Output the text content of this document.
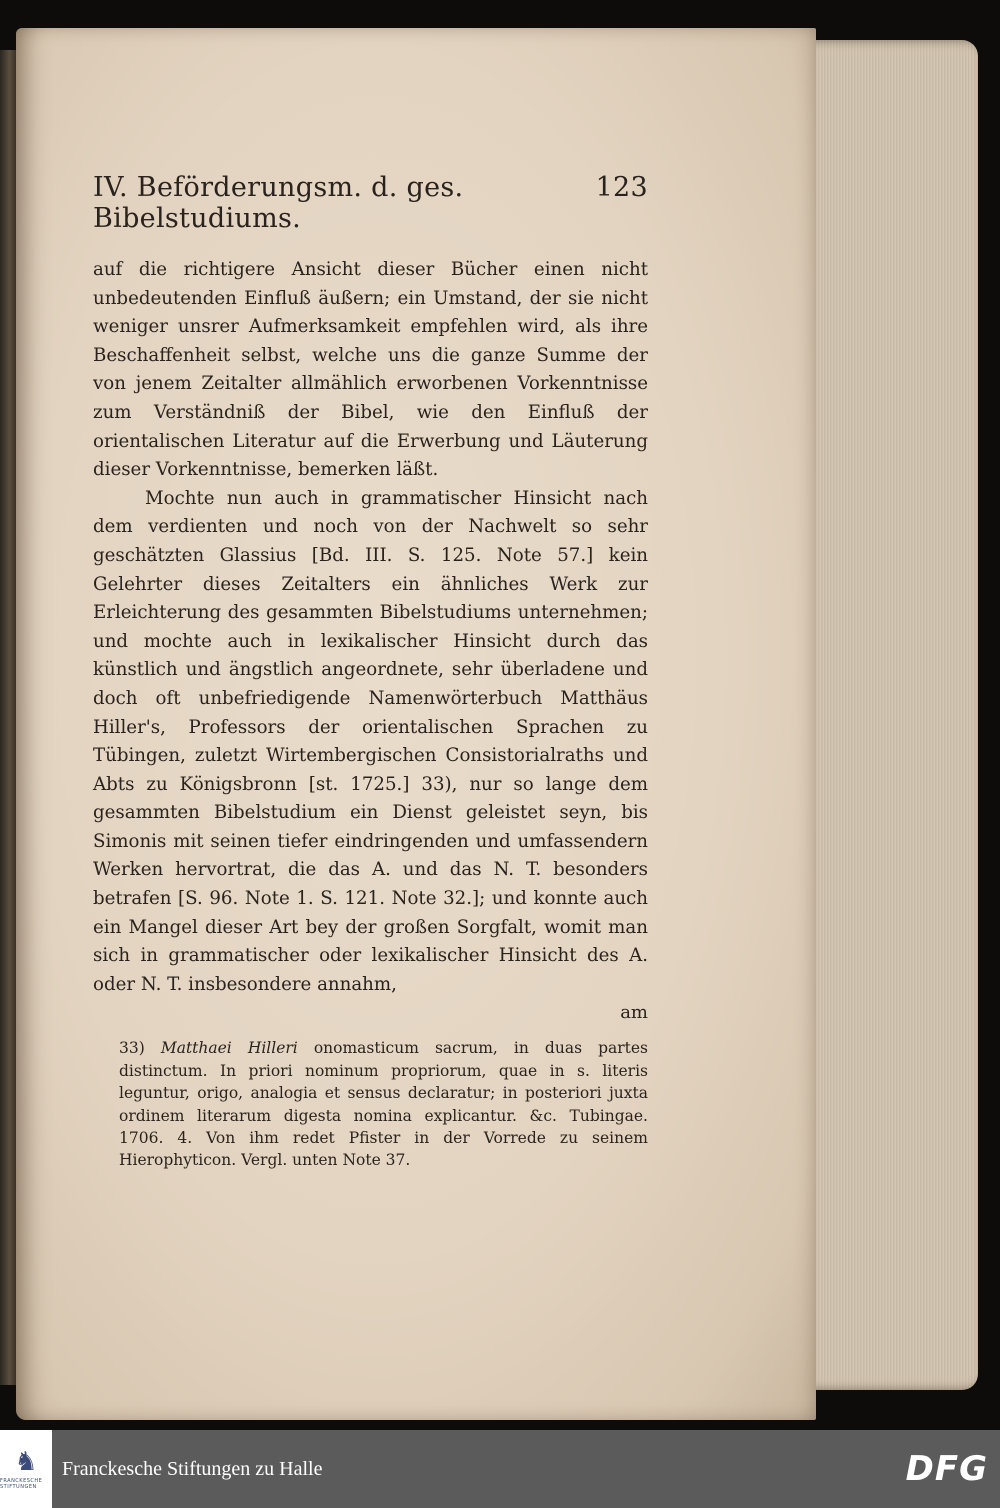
IV. Beförderungsm. d. ges. Bibelstudiums.
123

auf die richtigere Ansicht dieser Bücher einen nicht unbedeutenden Einfluß äußern; ein Umstand, der sie nicht weniger unsrer Aufmerksamkeit empfehlen wird, als ihre Beschaffenheit selbst, welche uns die ganze Summe der von jenem Zeitalter allmählich erworbenen Vorkenntnisse zum Verständniß der Bibel, wie den Einfluß der orientalischen Literatur auf die Erwerbung und Läuterung dieser Vorkenntnisse, bemerken läßt.

Mochte nun auch in grammatischer Hinsicht nach dem verdienten und noch von der Nachwelt so sehr geschätzten Glassius [Bd. III. S. 125. Note 57.] kein Gelehrter dieses Zeitalters ein ähnliches Werk zur Erleichterung des gesammten Bibelstudiums unternehmen; und mochte auch in lexikalischer Hinsicht durch das künstlich und ängstlich angeordnete, sehr überladene und doch oft unbefriedigende Namenwörterbuch Matthäus Hiller's, Professors der orientalischen Sprachen zu Tübingen, zuletzt Wirtembergischen Consistorialraths und Abts zu Königsbronn [st. 1725.] 33), nur so lange dem gesammten Bibelstudium ein Dienst geleistet seyn, bis Simonis mit seinen tiefer eindringenden und umfassendern Werken hervortrat, die das A. und das N. T. besonders betrafen [S. 96. Note 1. S. 121. Note 32.]; und konnte auch ein Mangel dieser Art bey der großen Sorgfalt, womit man sich in grammatischer oder lexikalischer Hinsicht des A. oder N. T. insbesondere annahm,

am

33) Matthaei Hilleri onomasticum sacrum, in duas partes distinctum. In priori nominum propriorum, quae in s. literis leguntur, origo, analogia et sensus declaratur; in posteriori juxta ordinem literarum digesta nomina explicantur. &c. Tubingae. 1706. 4. Von ihm redet Pfister in der Vorrede zu seinem Hierophyticon. Vergl. unten Note 37.

♞
FRANCKESCHE STIFTUNGEN
Franckesche Stiftungen zu Halle	DFG
